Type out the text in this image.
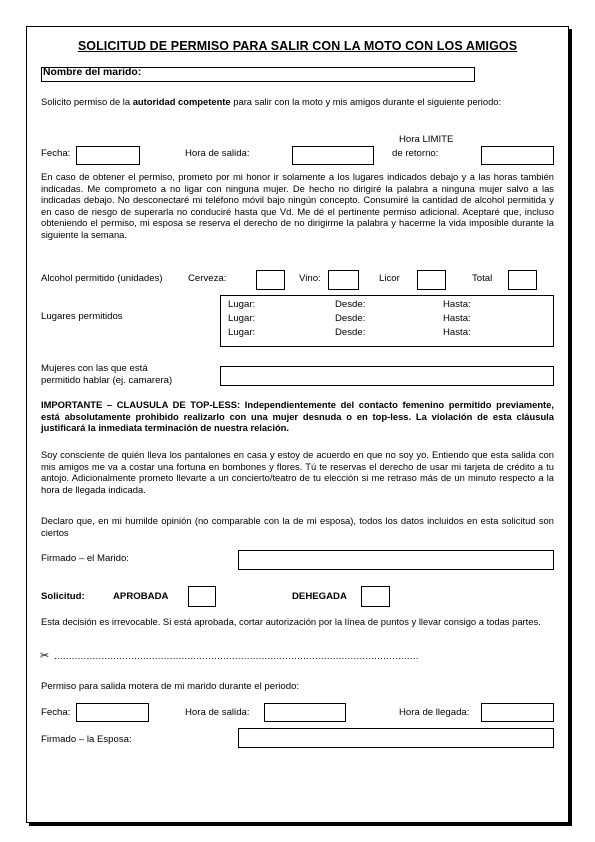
SOLICITUD DE PERMISO PARA SALIR CON LA MOTO CON LOS AMIGOS
Nombre del marido:
Solicito permiso de la autoridad competente para salir con la moto y mis amigos durante el siguiente periodo:
Hora LIMITE
Fecha:	Hora de salida:	de retorno:
En caso de obtener el permiso, prometo por mi honor ir solamente a los lugares indicados debajo y a las horas también indicadas. Me comprometo a no ligar con ninguna mujer. De hecho no dirigiré la palabra a ninguna mujer salvo a las indicadas debajo. No desconectaré mi teléfono móvil bajo ningún concepto. Consumiré la cantidad de alcohol permitida y en caso de riesgo de superarla no conduciré hasta que Vd. Me dé el pertinente permiso adicional. Aceptaré que, incluso obteniendo el permiso, mi esposa se reserva el derecho de no dirigirme la palabra y hacerme la vida imposible durante la siguiente la semana.
Alcohol permitido (unidades)	Cerveza:	Vino:	Licor	Total
Lugares permitidos
Lugar:	Desde:	Hasta:
Lugar:	Desde:	Hasta:
Lugar:	Desde:	Hasta:
Mujeres con las que está
permitido hablar (ej. camarera)
IMPORTANTE – CLAUSULA DE TOP-LESS: Independientemente del contacto femenino permitido previamente, está absolutamente prohibido realizarlo con una mujer desnuda o en top-less. La violación de esta cláusula justificará la inmediata terminación de nuestra relación.
Soy consciente de quién lleva los pantalones en casa y estoy de acuerdo en que no soy yo. Entiendo que esta salida con mis amigos me va a costar una fortuna en bombones y flores. Tú te reservas el derecho de usar mi tarjeta de crédito a tu antojo. Adicionalmente prometo llevarte a un concierto/teatro de tu elección si me retraso más de un minuto respecto a la hora de llegada indicada.
Declaro que, en mi humilde opinión (no comparable con la de mi esposa), todos los datos incluidos en esta solicitud son ciertos
Firmado – el Marido:
Solicitud:	APROBADA	DEHEGADA
Esta decisión es irrevocable. Si está aprobada, cortar autorización por la línea de puntos y llevar consigo a todas partes.
✂ ...........................................................................................................................
Permiso para salida motera de mi marido durante el periodo:
Fecha:	Hora de salida:	Hora de llegada:
Firmado – la Esposa:
